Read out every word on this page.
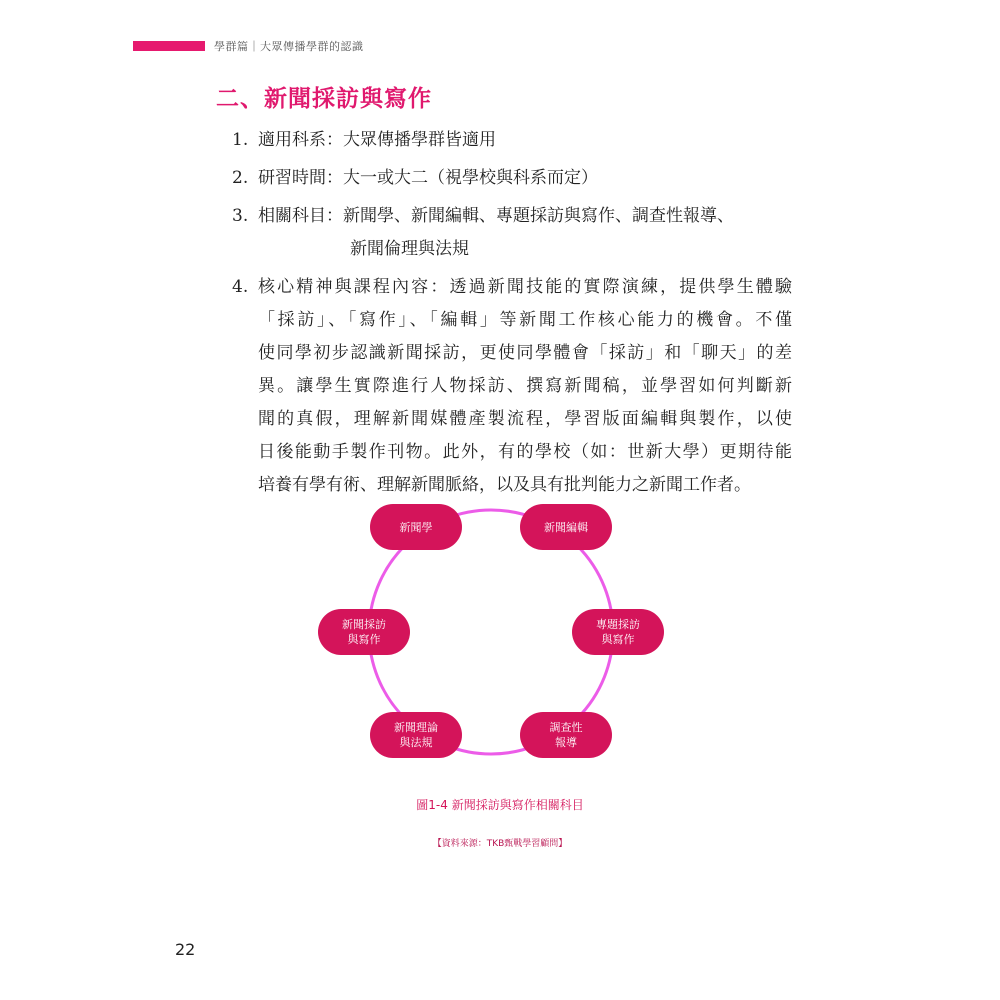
學群篇｜大眾傳播學群的認識
二、新聞採訪與寫作
1. 適用科系：大眾傳播學群皆適用
2. 研習時間：大一或大二（視學校與科系而定）
3. 相關科目：新聞學、新聞編輯、專題採訪與寫作、調查性報導、
新聞倫理與法規
4. 核心精神與課程內容：透過新聞技能的實際演練，提供學生體驗
「採訪」、「寫作」、「編輯」等新聞工作核心能力的機會。不僅
使同學初步認識新聞採訪，更使同學體會「採訪」和「聊天」的差
異。讓學生實際進行人物採訪、撰寫新聞稿，並學習如何判斷新
聞的真假，理解新聞媒體產製流程，學習版面編輯與製作，以使
日後能動手製作刊物。此外，有的學校（如：世新大學）更期待能
培養有學有術、理解新聞脈絡，以及具有批判能力之新聞工作者。
新聞學	新聞編輯
新聞採訪
與寫作
專題採訪
與寫作
新聞理論
與法規
調查性
報導
圖1-4 新聞採訪與寫作相關科目
【資料來源：TKB甄戰學習顧問】
22
